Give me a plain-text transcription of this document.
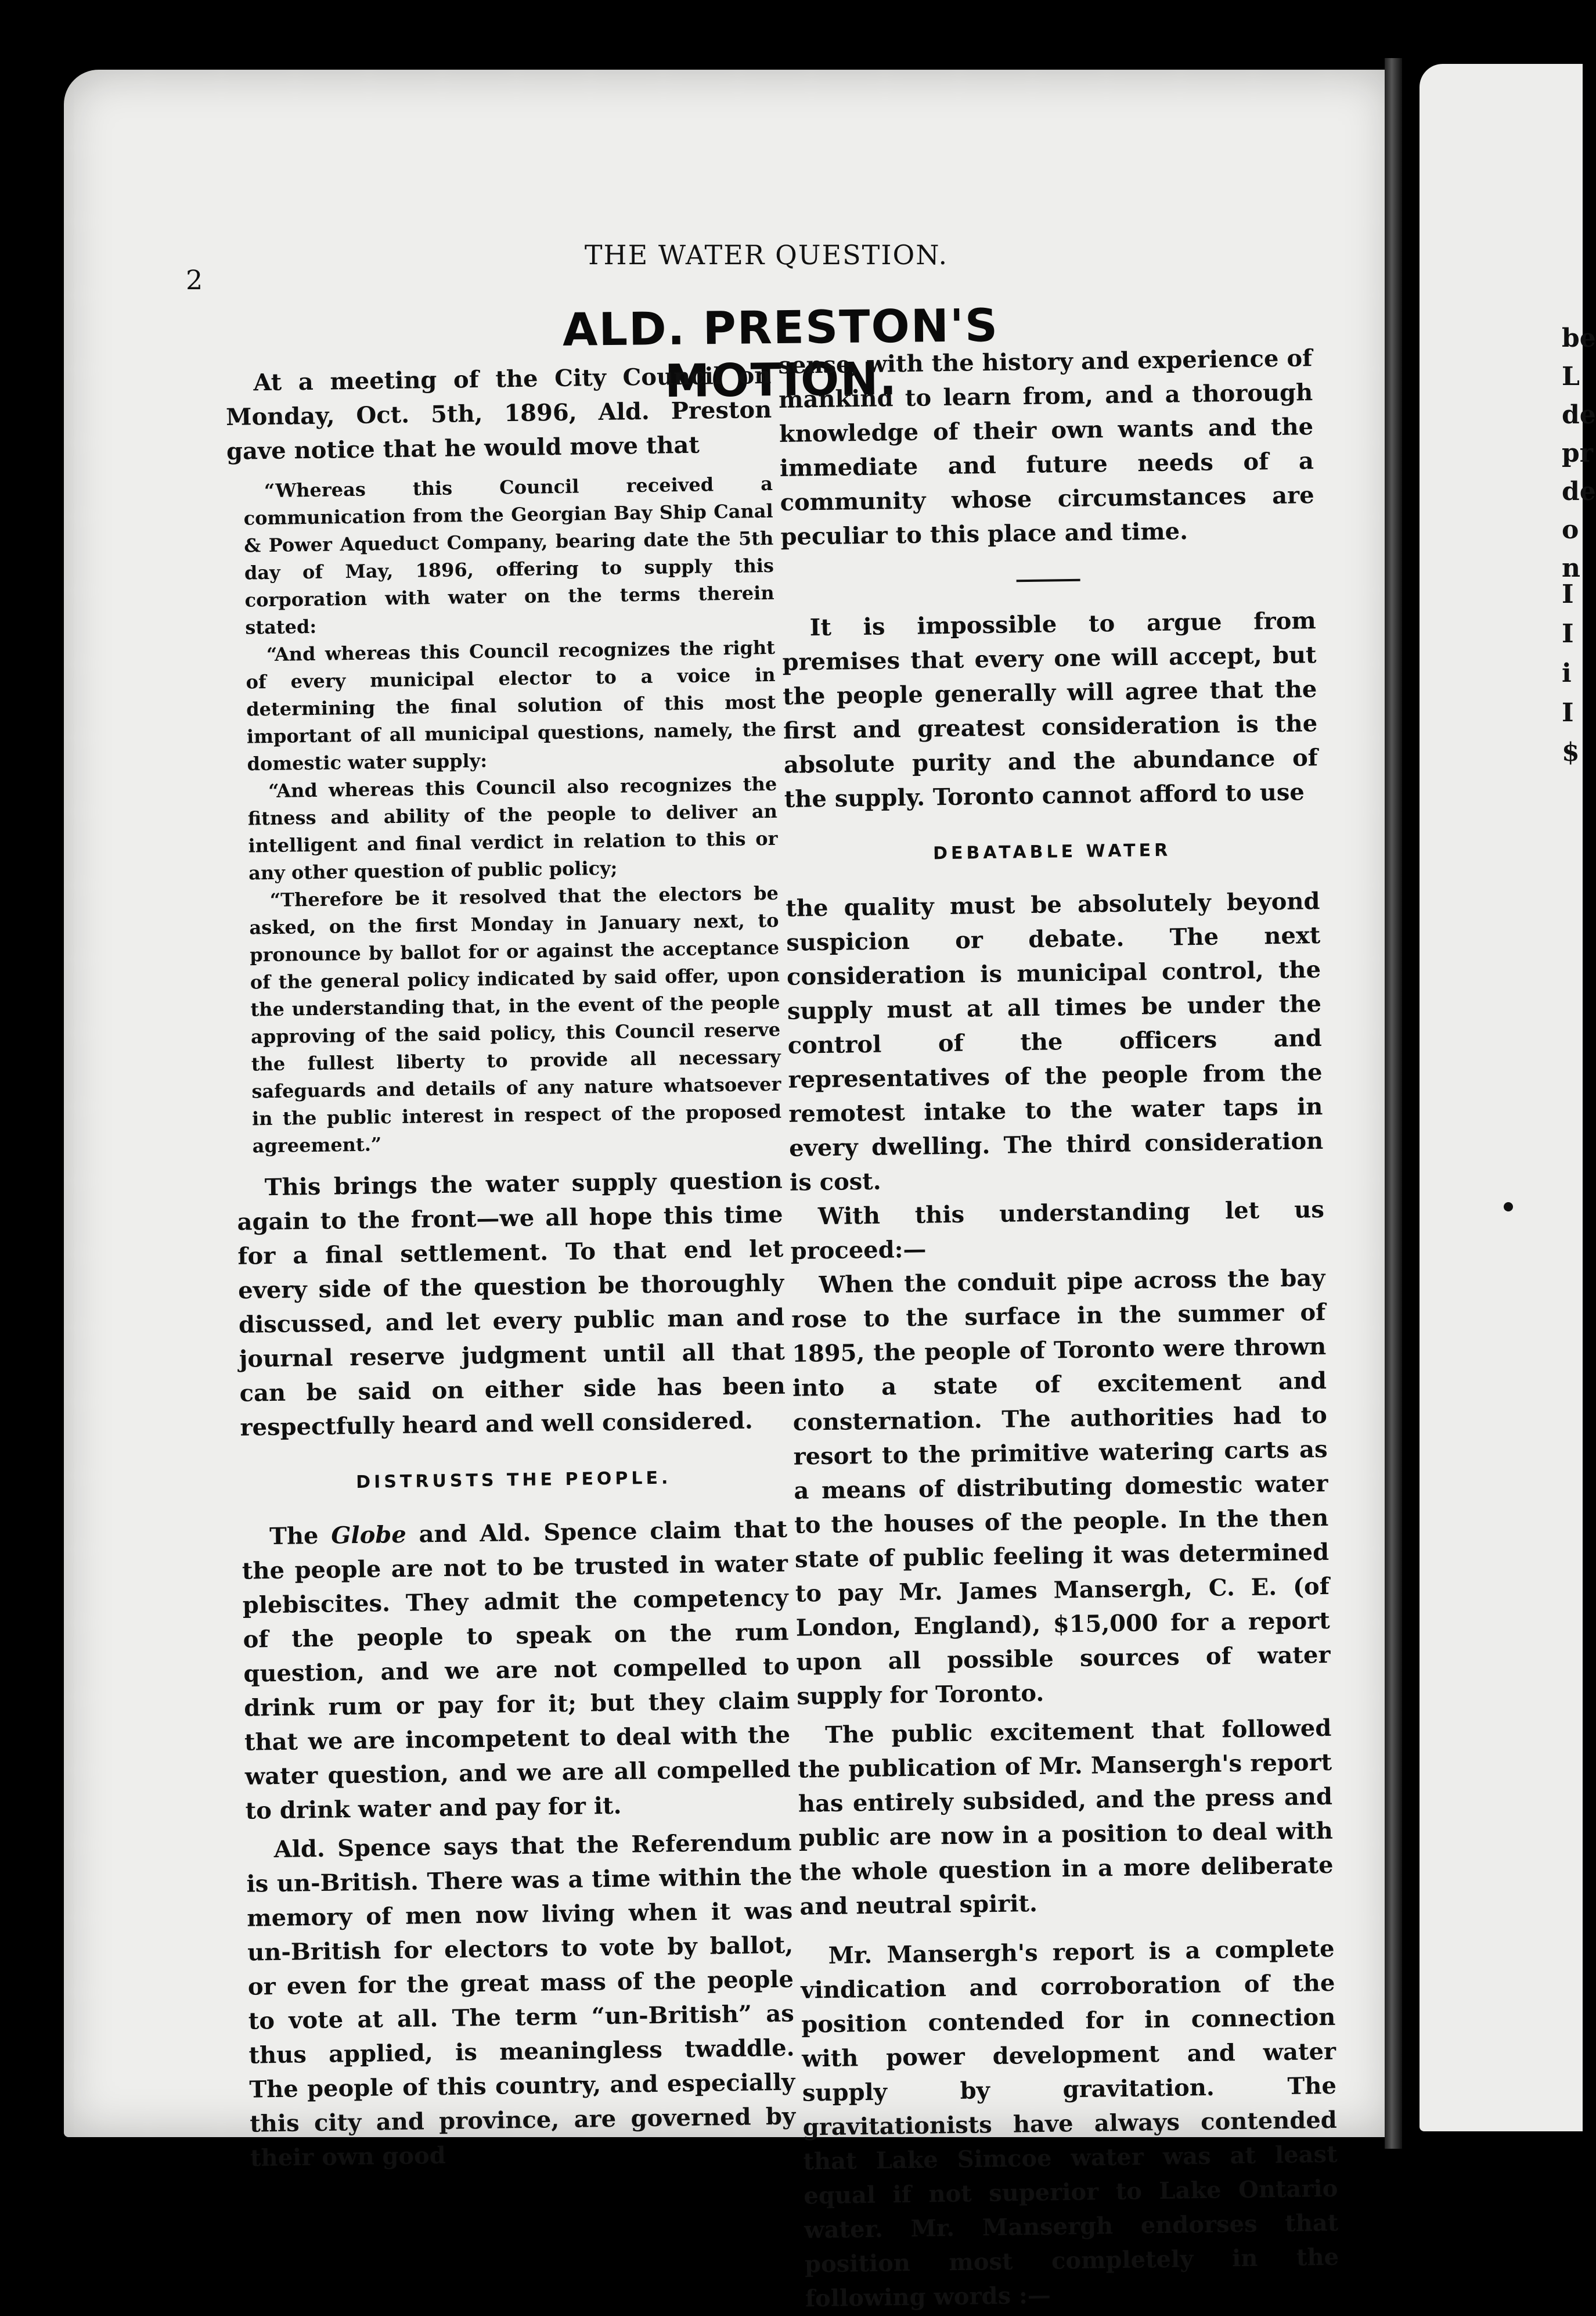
be
L
de
pr
de
o
n
I
I
i
I
$

2

THE WATER QUESTION.

ALD. PRESTON'S MOTION.

At a meeting of the City Council on Monday, Oct. 5th, 1896, Ald. Preston gave notice that he would move that

“Whereas this Council received a communication from the Georgian Bay Ship Canal & Power Aqueduct Company, bearing date the 5th day of May, 1896, offering to supply this corporation with water on the terms therein stated:

“And whereas this Council recognizes the right of every municipal elector to a voice in determining the final solution of this most important of all municipal questions, namely, the domestic water supply:

“And whereas this Council also recognizes the fitness and ability of the people to deliver an intelligent and final verdict in relation to this or any other question of public policy;

“Therefore be it resolved that the electors be asked, on the first Monday in January next, to pronounce by ballot for or against the acceptance of the general policy indicated by said offer, upon the understanding that, in the event of the people approving of the said policy, this Council reserve the fullest liberty to provide all necessary safeguards and details of any nature whatsoever in the public interest in respect of the proposed agreement.”

This brings the water supply question again to the front—we all hope this time for a final settlement. To that end let every side of the question be thoroughly discussed, and let every public man and journal reserve judgment until all that can be said on either side has been respectfully heard and well considered.

DISTRUSTS THE PEOPLE.

The Globe and Ald. Spence claim that the people are not to be trusted in water plebiscites. They admit the competency of the people to speak on the rum question, and we are not compelled to drink rum or pay for it; but they claim that we are incompetent to deal with the water question, and we are all compelled to drink water and pay for it.

Ald. Spence says that the Referendum is un-British. There was a time within the memory of men now living when it was un-British for electors to vote by ballot, or even for the great mass of the people to vote at all. The term “un-British” as thus applied, is meaningless twaddle. The people of this country, and especially this city and province, are governed by their own good

sense, with the history and experience of mankind to learn from, and a thorough knowledge of their own wants and the immediate and future needs of a community whose circumstances are peculiar to this place and time.

It is impossible to argue from premises that every one will accept, but the people generally will agree that the first and greatest consideration is the absolute purity and the abundance of the supply. Toronto cannot afford to use

DEBATABLE WATER

the quality must be absolutely beyond suspicion or debate. The next consideration is municipal control, the supply must at all times be under the control of the officers and representatives of the people from the remotest intake to the water taps in every dwelling. The third consideration is cost.

With this understanding let us proceed:—

When the conduit pipe across the bay rose to the surface in the summer of 1895, the people of Toronto were thrown into a state of excitement and consternation. The authorities had to resort to the primitive watering carts as a means of distributing domestic water to the houses of the people. In the then state of public feeling it was determined to pay Mr. James Mansergh, C. E. (of London, England), $15,000 for a report upon all possible sources of water supply for Toronto.

The public excitement that followed the publication of Mr. Mansergh's report has entirely subsided, and the press and public are now in a position to deal with the whole question in a more deliberate and neutral spirit.

Mr. Mansergh's report is a complete vindication and corroboration of the position contended for in connection with power development and water supply by gravitation. The gravitationists have always contended that Lake Simcoe water was at least equal if not superior to Lake Ontario water. Mr. Mansergh endorses that position most completely in the following words :—
